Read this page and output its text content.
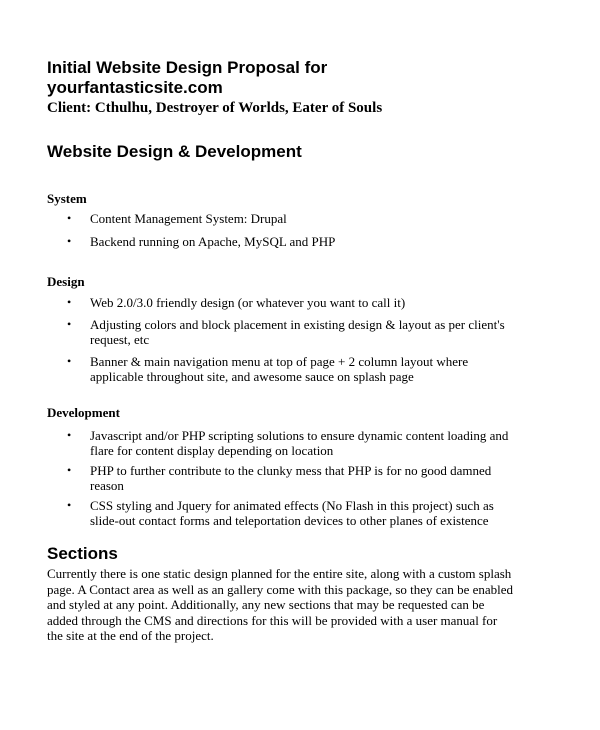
Initial Website Design Proposal for
yourfantasticsite.com
Client: Cthulhu, Destroyer of Worlds, Eater of Souls
Website Design & Development
System
• Content Management System: Drupal
• Backend running on Apache, MySQL and PHP
Design
• Web 2.0/3.0 friendly design (or whatever you want to call it)
• Adjusting colors and block placement in existing design & layout as per client's
request, etc
• Banner & main navigation menu at top of page + 2 column layout where
applicable throughout site, and awesome sauce on splash page
Development
• Javascript and/or PHP scripting solutions to ensure dynamic content loading and
flare for content display depending on location
• PHP to further contribute to the clunky mess that PHP is for no good damned
reason
• CSS styling and Jquery for animated effects (No Flash in this project) such as
slide-out contact forms and teleportation devices to other planes of existence
Sections
Currently there is one static design planned for the entire site, along with a custom splash
page. A Contact area as well as an gallery come with this package, so they can be enabled
and styled at any point. Additionally, any new sections that may be requested can be
added through the CMS and directions for this will be provided with a user manual for
the site at the end of the project.
